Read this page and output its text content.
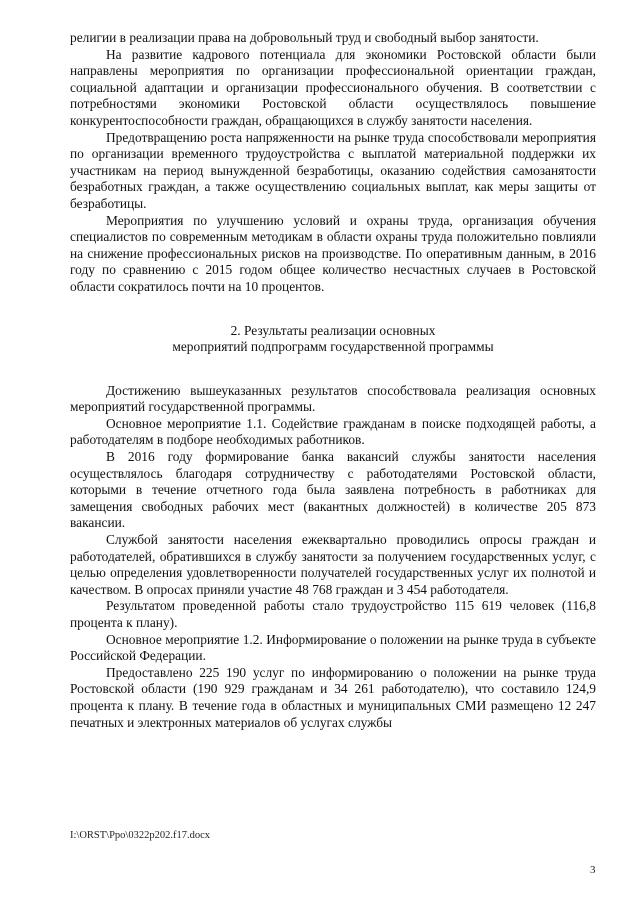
религии в реализации права на добровольный труд и свободный выбор занятости.

На развитие кадрового потенциала для экономики Ростовской области были направлены мероприятия по организации профессиональной ориентации граждан, социальной адаптации и организации профессионального обучения. В соответствии с потребностями экономики Ростовской области осуществлялось повышение конкурентоспособности граждан, обращающихся в службу занятости населения.

Предотвращению роста напряженности на рынке труда способствовали мероприятия по организации временного трудоустройства с выплатой материальной поддержки их участникам на период вынужденной безработицы, оказанию содействия самозанятости безработных граждан, а также осуществлению социальных выплат, как меры защиты от безработицы.

Мероприятия по улучшению условий и охраны труда, организация обучения специалистов по современным методикам в области охраны труда положительно повлияли на снижение профессиональных рисков на производстве. По оперативным данным, в 2016 году по сравнению с 2015 годом общее количество несчастных случаев в Ростовской области сократилось почти на 10 процентов.

2. Результаты реализации основных
мероприятий подпрограмм государственной программы

Достижению вышеуказанных результатов способствовала реализация основных мероприятий государственной программы.

Основное мероприятие 1.1. Содействие гражданам в поиске подходящей работы, а работодателям в подборе необходимых работников.

В 2016 году формирование банка вакансий службы занятости населения осуществлялось благодаря сотрудничеству с работодателями Ростовской области, которыми в течение отчетного года была заявлена потребность в работниках для замещения свободных рабочих мест (вакантных должностей) в количестве 205 873 вакансии.

Службой занятости населения ежеквартально проводились опросы граждан и работодателей, обратившихся в службу занятости за получением государственных услуг, с целью определения удовлетворенности получателей государственных услуг их полнотой и качеством. В опросах приняли участие 48 768 граждан и 3 454 работодателя.

Результатом проведенной работы стало трудоустройство 115 619 человек (116,8 процента к плану).

Основное мероприятие 1.2. Информирование о положении на рынке труда в субъекте Российской Федерации.

Предоставлено 225 190 услуг по информированию о положении на рынке труда Ростовской области (190 929 гражданам и 34 261 работодателю), что составило 124,9 процента к плану. В течение года в областных и муниципальных СМИ размещено 12 247 печатных и электронных материалов об услугах службы

I:\ORST\Ppo\0322p202.f17.docx
3
